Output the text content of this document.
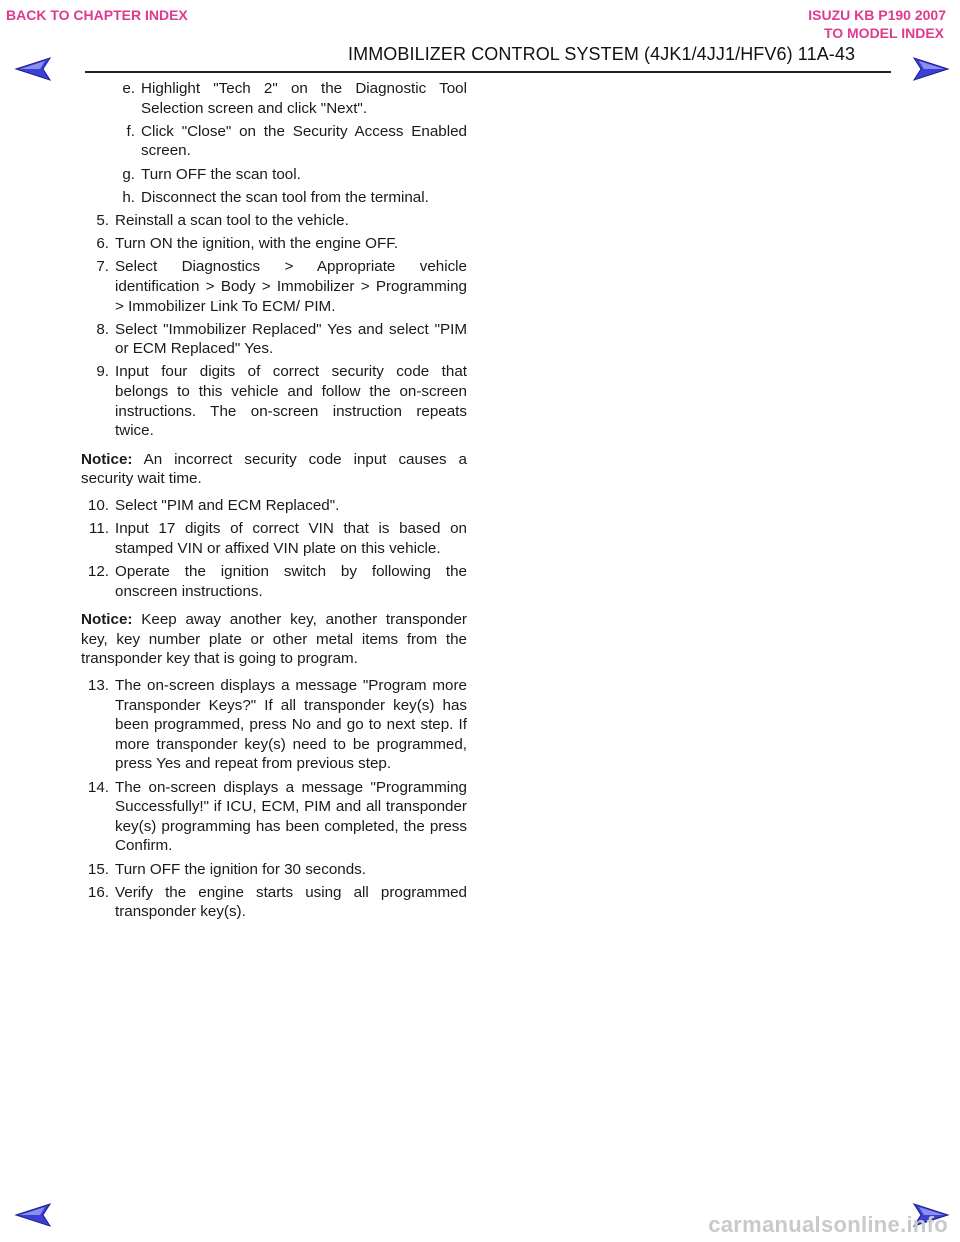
BACK TO CHAPTER INDEX	ISUZU KB P190 2007
TO MODEL INDEX
IMMOBILIZER CONTROL SYSTEM (4JK1/4JJ1/HFV6) 11A-43
e. Highlight "Tech 2" on the Diagnostic Tool Selection screen and click "Next".
f. Click "Close" on the Security Access Enabled screen.
g. Turn OFF the scan tool.
h. Disconnect the scan tool from the terminal.
5. Reinstall a scan tool to the vehicle.
6. Turn ON the ignition, with the engine OFF.
7. Select Diagnostics > Appropriate vehicle identification > Body > Immobilizer > Programming > Immobilizer Link To ECM/ PIM.
8. Select "Immobilizer Replaced" Yes and select "PIM or ECM Replaced" Yes.
9. Input four digits of correct security code that belongs to this vehicle and follow the on-screen instructions. The on-screen instruction repeats twice.

Notice: An incorrect security code input causes a security wait time.

10. Select "PIM and ECM Replaced".
11. Input 17 digits of correct VIN that is based on stamped VIN or affixed VIN plate on this vehicle.
12. Operate the ignition switch by following the onscreen instructions.

Notice: Keep away another key, another transponder key, key number plate or other metal items from the transponder key that is going to program.

13. The on-screen displays a message "Program more Transponder Keys?" If all transponder key(s) has been programmed, press No and go to next step. If more transponder key(s) need to be programmed, press Yes and repeat from previous step.
14. The on-screen displays a message "Programming Successfully!" if ICU, ECM, PIM and all transponder key(s) programming has been completed, the press Confirm.
15. Turn OFF the ignition for 30 seconds.
16. Verify the engine starts using all programmed transponder key(s).
carmanualsonline.info
